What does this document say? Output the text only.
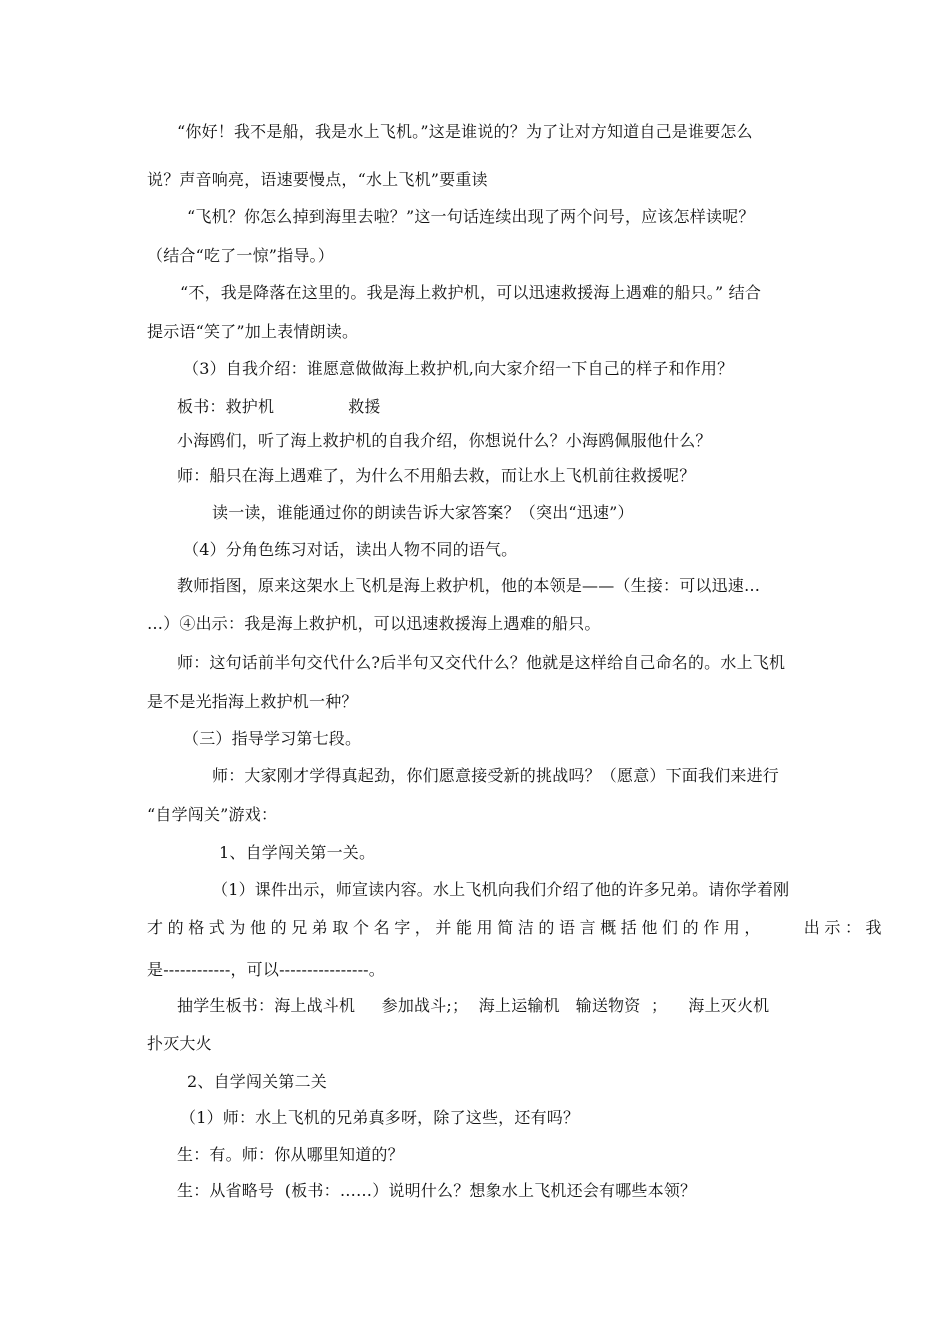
“你好！我不是船，我是水上飞机。”这是谁说的？为了让对方知道自己是谁要怎么
说？声音响亮，语速要慢点，“水上飞机”要重读
“飞机？你怎么掉到海里去啦？”这一句话连续出现了两个问号，应该怎样读呢？
（结合“吃了一惊”指导。）
“不，我是降落在这里的。我是海上救护机，可以迅速救援海上遇难的船只。” 结合
提示语“笑了”加上表情朗读。
（3）自我介绍：谁愿意做做海上救护机,向大家介绍一下自己的样子和作用？
板书：救护机              救援
小海鸥们，听了海上救护机的自我介绍，你想说什么？小海鸥佩服他什么？
师：船只在海上遇难了，为什么不用船去救，而让水上飞机前往救援呢？
读一读，谁能通过你的朗读告诉大家答案？（突出“迅速”）
（4）分角色练习对话，读出人物不同的语气。
教师指图，原来这架水上飞机是海上救护机，他的本领是——（生接：可以迅速…
…）④出示：我是海上救护机，可以迅速救援海上遇难的船只。
师：这句话前半句交代什么?后半句又交代什么？他就是这样给自己命名的。水上飞机
是不是光指海上救护机一种？
（三）指导学习第七段。
师：大家刚才学得真起劲，你们愿意接受新的挑战吗？（愿意）下面我们来进行
“自学闯关”游戏：
1、自学闯关第一关。
（1）课件出示，师宣读内容。水上飞机向我们介绍了他的许多兄弟。请你学着刚
才的格式为他的兄弟取个名字，并能用简洁的语言概括他们的作用，    出示：我
是------------，可以----------------。
抽学生板书：海上战斗机     参加战斗;；  海上运输机   输送物资  ；    海上灭火机
扑灭大火
2、自学闯关第二关
（1）师：水上飞机的兄弟真多呀，除了这些，还有吗？
生：有。师：你从哪里知道的？
生：从省略号  (板书：……）说明什么？想象水上飞机还会有哪些本领？
